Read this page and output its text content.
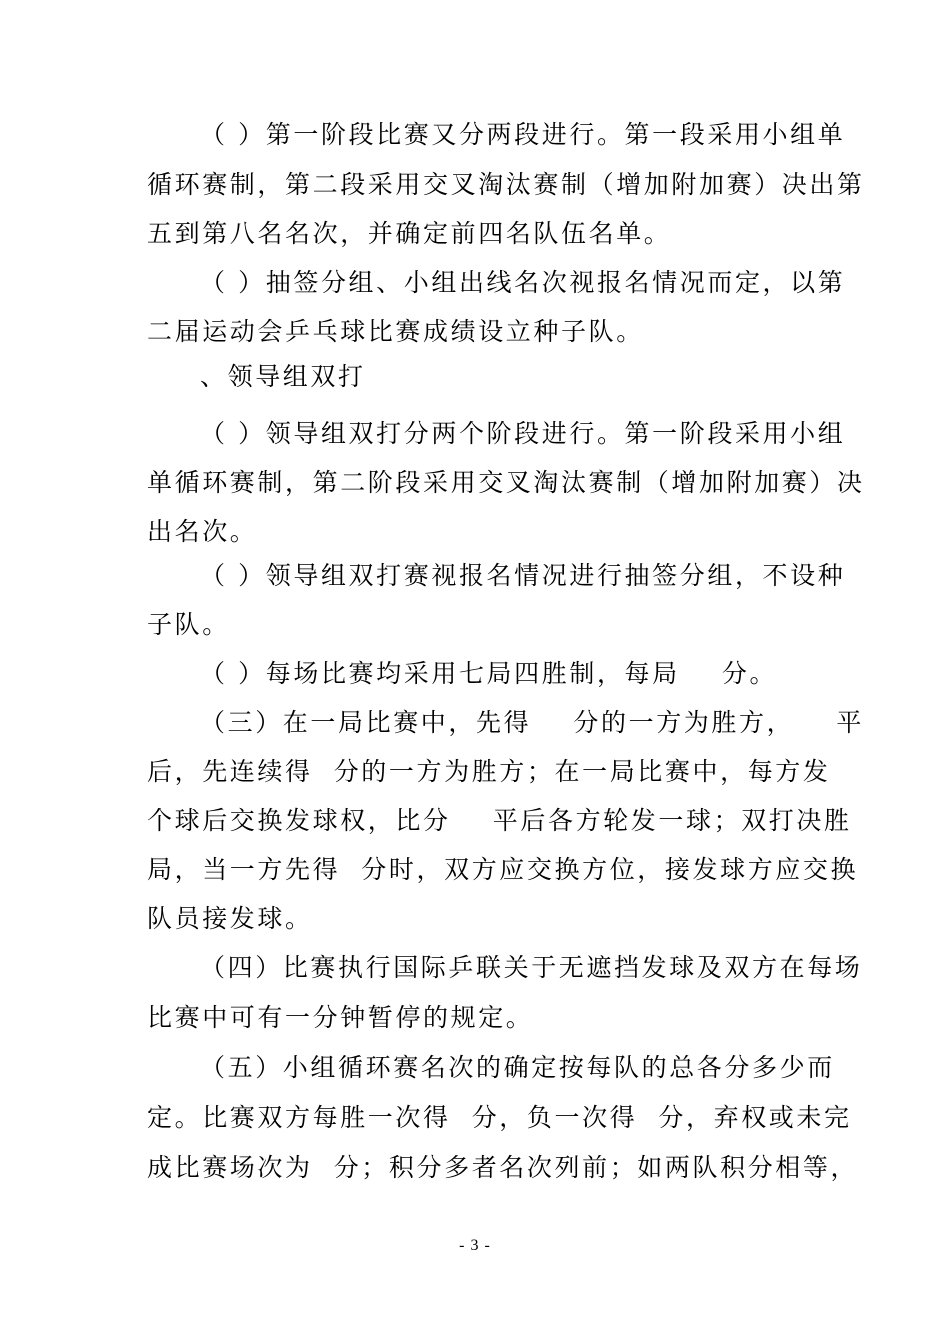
（ ）第一阶段比赛又分两段进行。第一段采用小组单

循环赛制，第二段采用交叉淘汰赛制（增加附加赛）决出第

五到第八名名次，并确定前四名队伍名单。

（ ）抽签分组、小组出线名次视报名情况而定，以第

二届运动会乒乓球比赛成绩设立种子队。

、领导组双打

（ ）领导组双打分两个阶段进行。第一阶段采用小组

单循环赛制，第二阶段采用交叉淘汰赛制（增加附加赛）决

出名次。

（ ）领导组双打赛视报名情况进行抽签分组，不设种

子队。

（ ）每场比赛均采用七局四胜制，每局    分。

（三）在一局比赛中，先得    分的一方为胜方，    平

后，先连续得  分的一方为胜方；在一局比赛中，每方发

个球后交换发球权，比分    平后各方轮发一球；双打决胜

局，当一方先得  分时，双方应交换方位，接发球方应交换

队员接发球。

（四）比赛执行国际乒联关于无遮挡发球及双方在每场

比赛中可有一分钟暂停的规定。

（五）小组循环赛名次的确定按每队的总各分多少而

定。比赛双方每胜一次得  分，负一次得  分，弃权或未完

成比赛场次为  分；积分多者名次列前；如两队积分相等，

- 3 -
